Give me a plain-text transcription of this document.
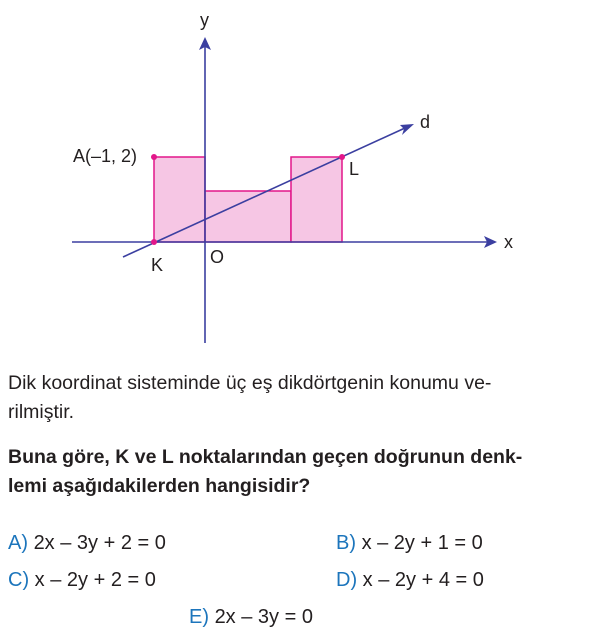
y
x
d
A(–1, 2)
L
K	O
Dik koordinat sisteminde üç eş dikdörtgenin konumu ve-
rilmiştir.
Buna göre, K ve L noktalarından geçen doğrunun denk-
lemi aşağıdakilerden hangisidir?
A) 2x – 3y + 2 = 0	B) x – 2y + 1 = 0
C) x – 2y + 2 = 0	D) x – 2y + 4 = 0
E) 2x – 3y = 0
